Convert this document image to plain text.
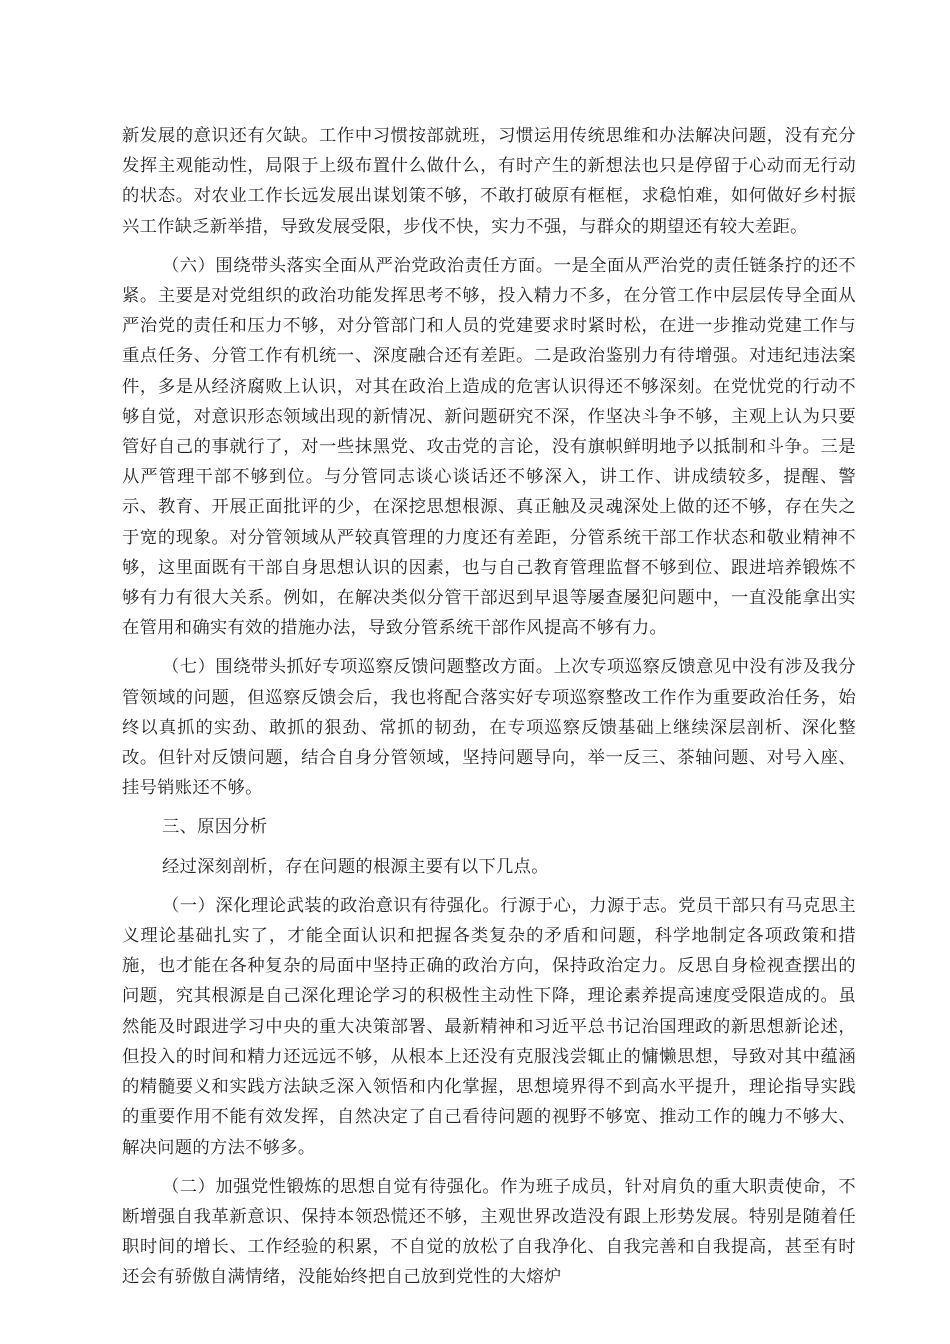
新发展的意识还有欠缺。工作中习惯按部就班，习惯运用传统思维和办法解决问题，没有充分发挥主观能动性，局限于上级布置什么做什么，有时产生的新想法也只是停留于心动而无行动的状态。对农业工作长远发展出谋划策不够，不敢打破原有框框，求稳怕难，如何做好乡村振兴工作缺乏新举措，导致发展受限，步伐不快，实力不强，与群众的期望还有较大差距。

（六）围绕带头落实全面从严治党政治责任方面。一是全面从严治党的责任链条拧的还不紧。主要是对党组织的政治功能发挥思考不够，投入精力不多，在分管工作中层层传导全面从严治党的责任和压力不够，对分管部门和人员的党建要求时紧时松，在进一步推动党建工作与重点任务、分管工作有机统一、深度融合还有差距。二是政治鉴别力有待增强。对违纪违法案件，多是从经济腐败上认识，对其在政治上造成的危害认识得还不够深刻。在党忧党的行动不够自觉，对意识形态领域出现的新情况、新问题研究不深，作坚决斗争不够，主观上认为只要管好自己的事就行了，对一些抹黑党、攻击党的言论，没有旗帜鲜明地予以抵制和斗争。三是从严管理干部不够到位。与分管同志谈心谈话还不够深入，讲工作、讲成绩较多，提醒、警示、教育、开展正面批评的少，在深挖思想根源、真正触及灵魂深处上做的还不够，存在失之于宽的现象。对分管领域从严较真管理的力度还有差距，分管系统干部工作状态和敬业精神不够，这里面既有干部自身思想认识的因素，也与自己教育管理监督不够到位、跟进培养锻炼不够有力有很大关系。例如，在解决类似分管干部迟到早退等屡查屡犯问题中，一直没能拿出实在管用和确实有效的措施办法，导致分管系统干部作风提高不够有力。

（七）围绕带头抓好专项巡察反馈问题整改方面。上次专项巡察反馈意见中没有涉及我分管领域的问题，但巡察反馈会后，我也将配合落实好专项巡察整改工作作为重要政治任务，始终以真抓的实劲、敢抓的狠劲、常抓的韧劲，在专项巡察反馈基础上继续深层剖析、深化整改。但针对反馈问题，结合自身分管领域，坚持问题导向，举一反三、茶轴问题、对号入座、挂号销账还不够。

三、原因分析

经过深刻剖析，存在问题的根源主要有以下几点。

（一）深化理论武装的政治意识有待强化。行源于心，力源于志。党员干部只有马克思主义理论基础扎实了，才能全面认识和把握各类复杂的矛盾和问题，科学地制定各项政策和措施，也才能在各种复杂的局面中坚持正确的政治方向，保持政治定力。反思自身检视查摆出的问题，究其根源是自己深化理论学习的积极性主动性下降，理论素养提高速度受限造成的。虽然能及时跟进学习中央的重大决策部署、最新精神和习近平总书记治国理政的新思想新论述，但投入的时间和精力还远远不够，从根本上还没有克服浅尝辄止的慵懒思想，导致对其中蕴涵的精髓要义和实践方法缺乏深入领悟和内化掌握，思想境界得不到高水平提升，理论指导实践的重要作用不能有效发挥，自然决定了自己看待问题的视野不够宽、推动工作的魄力不够大、解决问题的方法不够多。

（二）加强党性锻炼的思想自觉有待强化。作为班子成员，针对肩负的重大职责使命，不断增强自我革新意识、保持本领恐慌还不够，主观世界改造没有跟上形势发展。特别是随着任职时间的增长、工作经验的积累，不自觉的放松了自我净化、自我完善和自我提高，甚至有时还会有骄傲自满情绪，没能始终把自己放到党性的大熔炉
